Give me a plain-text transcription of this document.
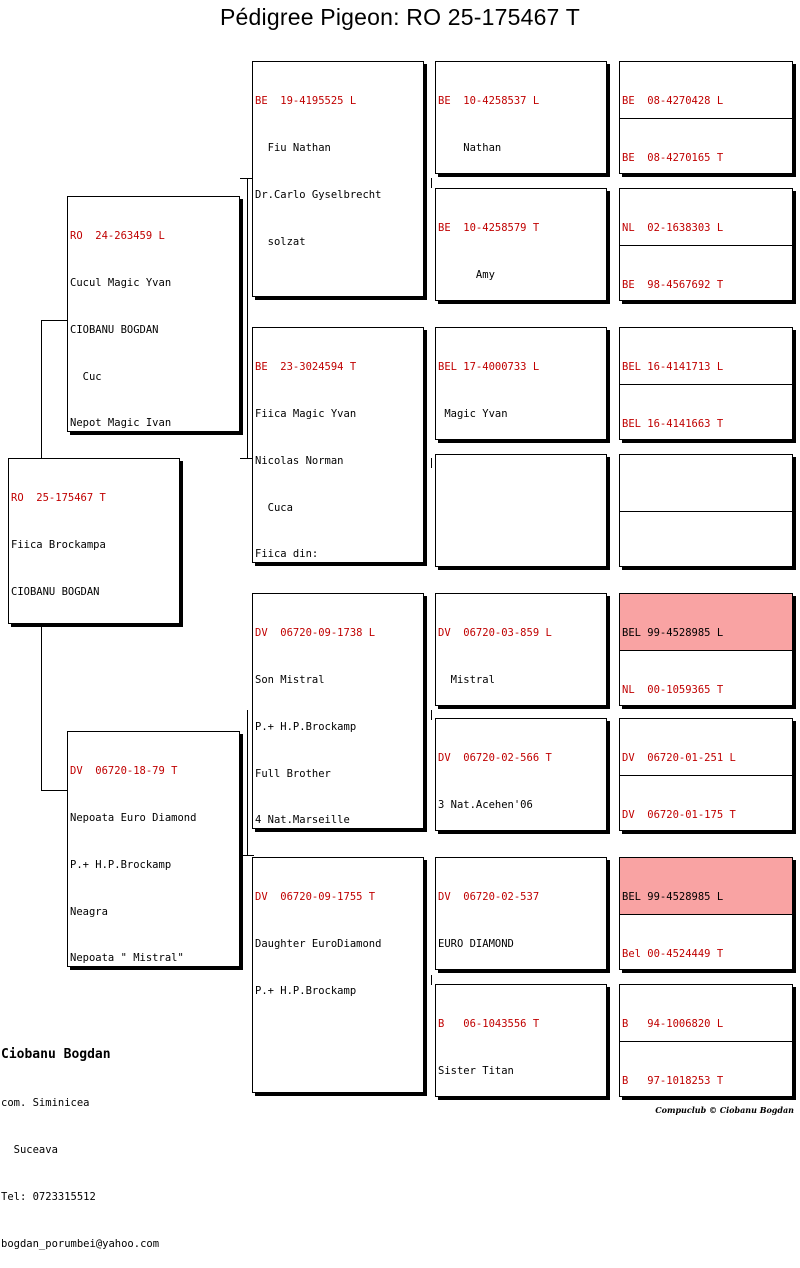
Pédigree Pigeon: RO 25-175467 T

RO  25-175467 T

Fiica Brockampa

CIOBANU BOGDAN

RO  24-263459 L

Cucul Magic Yvan

CIOBANU BOGDAN

Cuc

Nepot Magic Ivan

DV  06720-18-79 T

Nepoata Euro Diamond

P.+ H.P.Brockamp

Neagra

Nepoata " Mistral"

BE  19-4195525 L

Fiu Nathan

Dr.Carlo Gyselbrecht

solzat

BE  23-3024594 T

Fiica Magic Yvan

Nicolas Norman

Cuca

Fiica din:

DV  06720-09-1738 L

Son Mistral

P.+ H.P.Brockamp

Full Brother

4 Nat.Marseille

DV  06720-09-1755 T

Daughter EuroDiamond

P.+ H.P.Brockamp

BE  10-4258537 L

Nathan

BE  10-4258579 T

Amy

BEL 17-4000733 L

Magic Yvan

DV  06720-03-859 L

Mistral

DV  06720-02-566 T

3 Nat.Acehen'06

DV  06720-02-537

EURO DIAMOND

B   06-1043556 T

Sister Titan

BE  08-4270428 L

BE  08-4270165 T

NL  02-1638303 L

BE  98-4567692 T

BEL 16-4141713 L

BEL 16-4141663 T

BEL 99-4528985 L

NL  00-1059365 T

DV  06720-01-251 L

DV  06720-01-175 T

BEL 99-4528985 L

Bel 00-4524449 T

B   94-1006820 L

B   97-1018253 T

Ciobanu Bogdan

com. Siminicea

Suceava

Tel: 0723315512

bogdan_porumbei@yahoo.com

Compuclub © Ciobanu Bogdan
